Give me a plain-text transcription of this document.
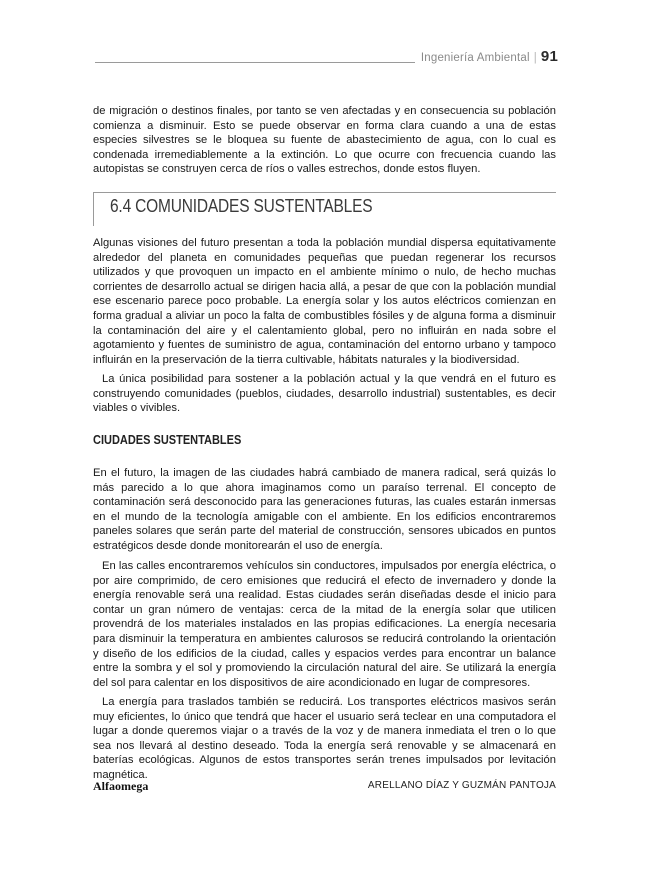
Ingeniería Ambiental | 91

de migración o destinos finales, por tanto se ven afectadas y en consecuencia su población comienza a disminuir. Esto se puede observar en forma clara cuando a una de estas especies silvestres se le bloquea su fuente de abastecimiento de agua, con lo cual es condenada irremediablemente a la extinción. Lo que ocurre con frecuencia cuando las autopistas se construyen cerca de ríos o valles estrechos, donde estos fluyen.

6.4 COMUNIDADES SUSTENTABLES

Algunas visiones del futuro presentan a toda la población mundial dispersa equitativamente alrededor del planeta en comunidades pequeñas que puedan regenerar los recursos utilizados y que provoquen un impacto en el ambiente mínimo o nulo, de hecho muchas corrientes de desarrollo actual se dirigen hacia allá, a pesar de que con la población mundial ese escenario parece poco probable. La energía solar y los autos eléctricos comienzan en forma gradual a aliviar un poco la falta de combustibles fósiles y de alguna forma a disminuir la contaminación del aire y el calentamiento global, pero no influirán en nada sobre el agotamiento y fuentes de suministro de agua, contaminación del entorno urbano y tampoco influirán en la preservación de la tierra cultivable, hábitats naturales y la biodiversidad.

La única posibilidad para sostener a la población actual y la que vendrá en el futuro es construyendo comunidades (pueblos, ciudades, desarrollo industrial) sustentables, es decir viables o vivibles.

CIUDADES SUSTENTABLES

En el futuro, la imagen de las ciudades habrá cambiado de manera radical, será quizás lo más parecido a lo que ahora imaginamos como un paraíso terrenal. El concepto de contaminación será desconocido para las generaciones futuras, las cuales estarán inmersas en el mundo de la tecnología amigable con el ambiente. En los edificios encontraremos paneles solares que serán parte del material de construcción, sensores ubicados en puntos estratégicos desde donde monitorearán el uso de energía.

En las calles encontraremos vehículos sin conductores, impulsados por energía eléctrica, o por aire comprimido, de cero emisiones que reducirá el efecto de invernadero y donde la energía renovable será una realidad. Estas ciudades serán diseñadas desde el inicio para contar un gran número de ventajas: cerca de la mitad de la energía solar que utilicen provendrá de los materiales instalados en las propias edificaciones. La energía necesaria para disminuir la temperatura en ambientes calurosos se reducirá controlando la orientación y diseño de los edificios de la ciudad, calles y espacios verdes para encontrar un balance entre la sombra y el sol y promoviendo la circulación natural del aire. Se utilizará la energía del sol para calentar en los dispositivos de aire acondicionado en lugar de compresores.

La energía para traslados también se reducirá. Los transportes eléctricos masivos serán muy eficientes, lo único que tendrá que hacer el usuario será teclear en una computadora el lugar a donde queremos viajar o a través de la voz y de manera inmediata el tren o lo que sea nos llevará al destino deseado. Toda la energía será renovable y se almacenará en baterías ecológicas. Algunos de estos transportes serán trenes impulsados por levitación magnética.

Alfaomega	ARELLANO DÍAZ Y GUZMÁN PANTOJA
